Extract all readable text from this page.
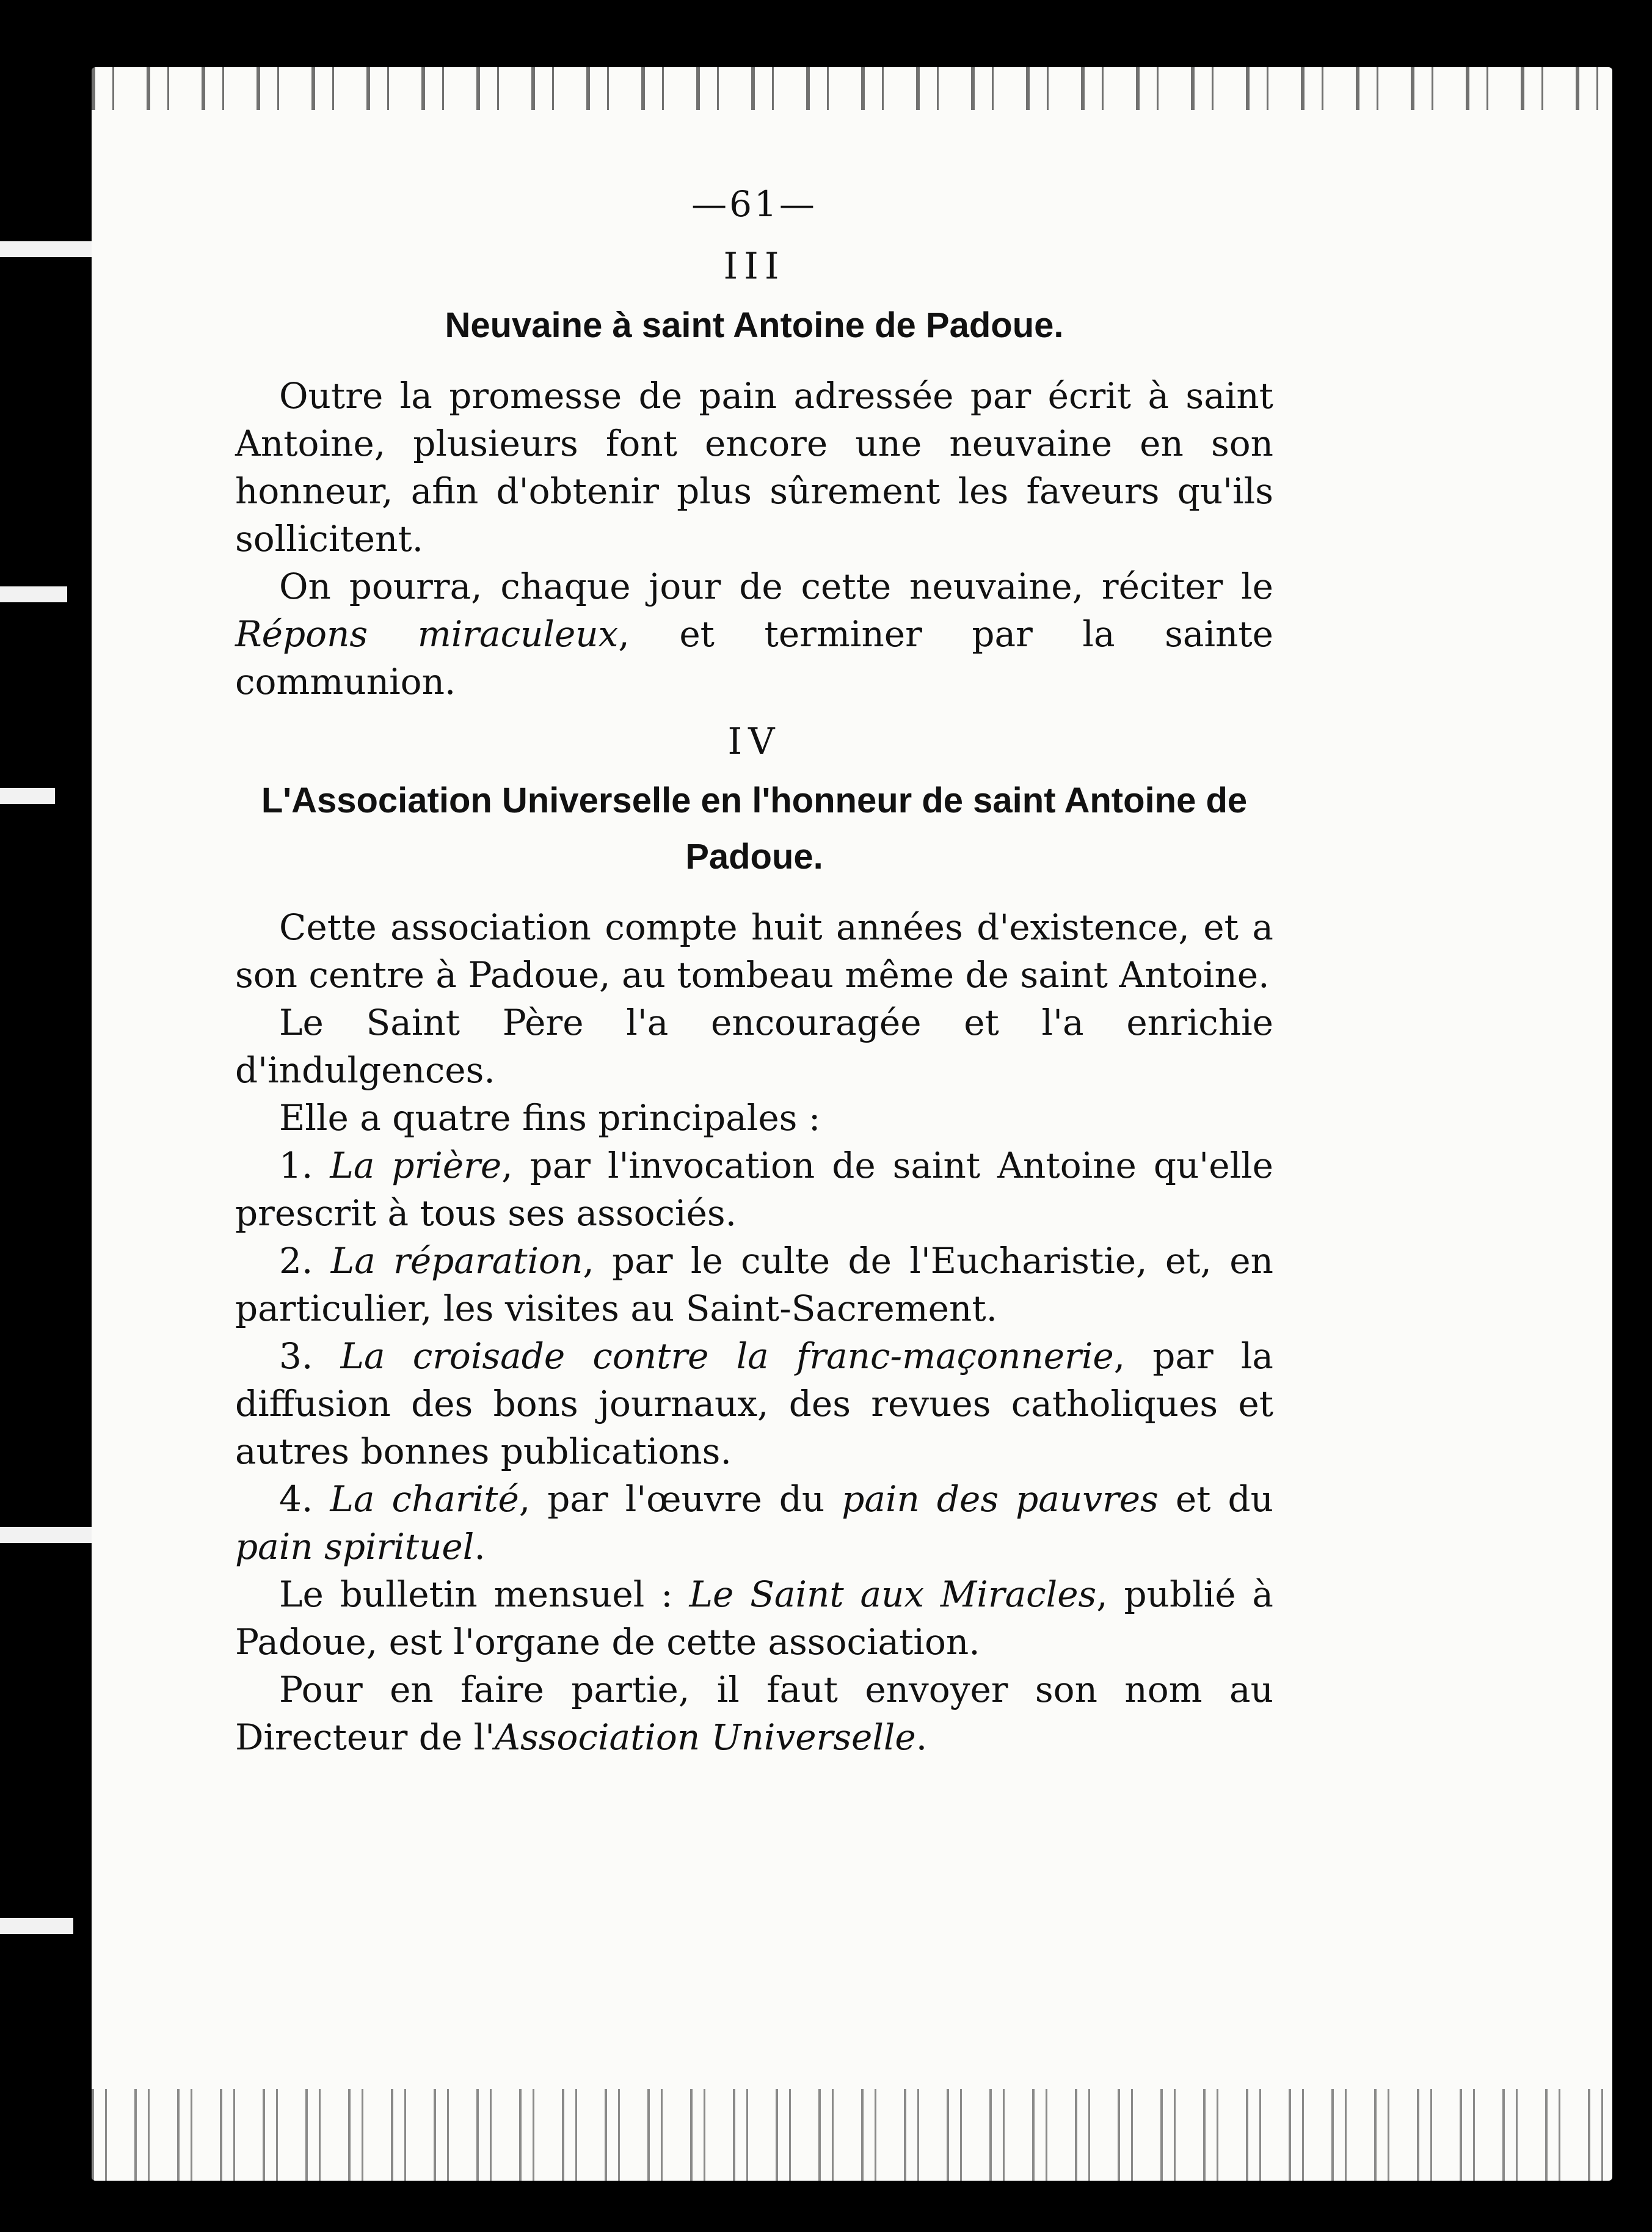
—61—
III
Neuvaine à saint Antoine de Padoue.

Outre la promesse de pain adressée par écrit à saint Antoine, plusieurs font encore une neuvaine en son honneur, afin d'obtenir plus sûrement les faveurs qu'ils sollicitent.

On pourra, chaque jour de cette neuvaine, réciter le Répons miraculeux, et terminer par la sainte communion.

IV
L'Association Universelle en l'honneur de saint Antoine de Padoue.

Cette association compte huit années d'existence, et a son centre à Padoue, au tombeau même de saint Antoine.

Le Saint Père l'a encouragée et l'a enrichie d'indulgences.

Elle a quatre fins principales :

1. La prière, par l'invocation de saint Antoine qu'elle prescrit à tous ses associés.

2. La réparation, par le culte de l'Eucharistie, et, en particulier, les visites au Saint-Sacrement.

3. La croisade contre la franc-maçonnerie, par la diffusion des bons journaux, des revues catholiques et autres bonnes publications.

4. La charité, par l'œuvre du pain des pauvres et du pain spirituel.

Le bulletin mensuel : Le Saint aux Miracles, publié à Padoue, est l'organe de cette association.

Pour en faire partie, il faut envoyer son nom au Directeur de l'Association Universelle.
